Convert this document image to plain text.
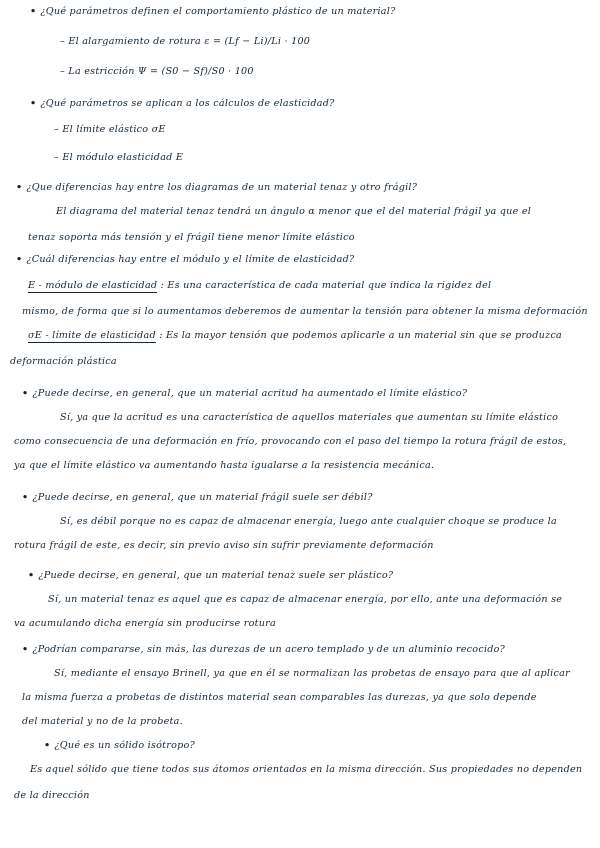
• ¿Qué parámetros definen el comportamiento plástico de un material?
– El alargamiento de rotura ε = (Lf − Li)/Li · 100
– La estricción Ψ = (S0 − Sf)/S0 · 100
• ¿Qué parámetros se aplican a los cálculos de elasticidad?
– El límite elástico σE
– El módulo elasticidad E
• ¿Que diferencias hay entre los diagramas de un material tenaz y otro frágil?
El diagrama del material tenaz tendrá un ángulo α menor que el del material frágil ya que el
tenaz soporta más tensión y el frágil tiene menor límite elástico
• ¿Cuál diferencias hay entre el módulo y el límite de elasticidad?
E - módulo de elasticidad : Es una característica de cada material que indica la rigidez del
mismo, de forma que si lo aumentamos deberemos de aumentar la tensión para obtener la misma deformación
σE - límite de elasticidad : Es la mayor tensión que podemos aplicarle a un material sin que se produzca
deformación plástica
• ¿Puede decirse, en general, que un material acritud ha aumentado el límite elástico?
Sí, ya que la acritud es una característica de aquellos materiales que aumentan su límite elástico
como consecuencia de una deformación en frío, provocando con el paso del tiempo la rotura frágil de estos,
ya que el límite elástico va aumentando hasta igualarse a la resistencia mecánica.
• ¿Puede decirse, en general, que un material frágil suele ser débil?
Sí, es débil porque no es capaz de almacenar energía, luego ante cualquier choque se produce la
rotura frágil de este, es decir, sin previo aviso sin sufrir previamente deformación
• ¿Puede decirse, en general, que un material tenaz suele ser plástico?
Sí, un material tenaz es aquel que es capaz de almacenar energía, por ello, ante una deformación se
va acumulando dicha energía sin producirse rotura
• ¿Podrían compararse, sin más, las durezas de un acero templado y de un aluminio recocido?
Sí, mediante el ensayo Brinell, ya que en él se normalizan las probetas de ensayo para que al aplicar
la misma fuerza a probetas de distintos material sean comparables las durezas, ya que solo depende
del material y no de la probeta.
• ¿Qué es un sólido isótropo?
Es aquel sólido que tiene todos sus átomos orientados en la misma dirección. Sus propiedades no dependen
de la dirección
